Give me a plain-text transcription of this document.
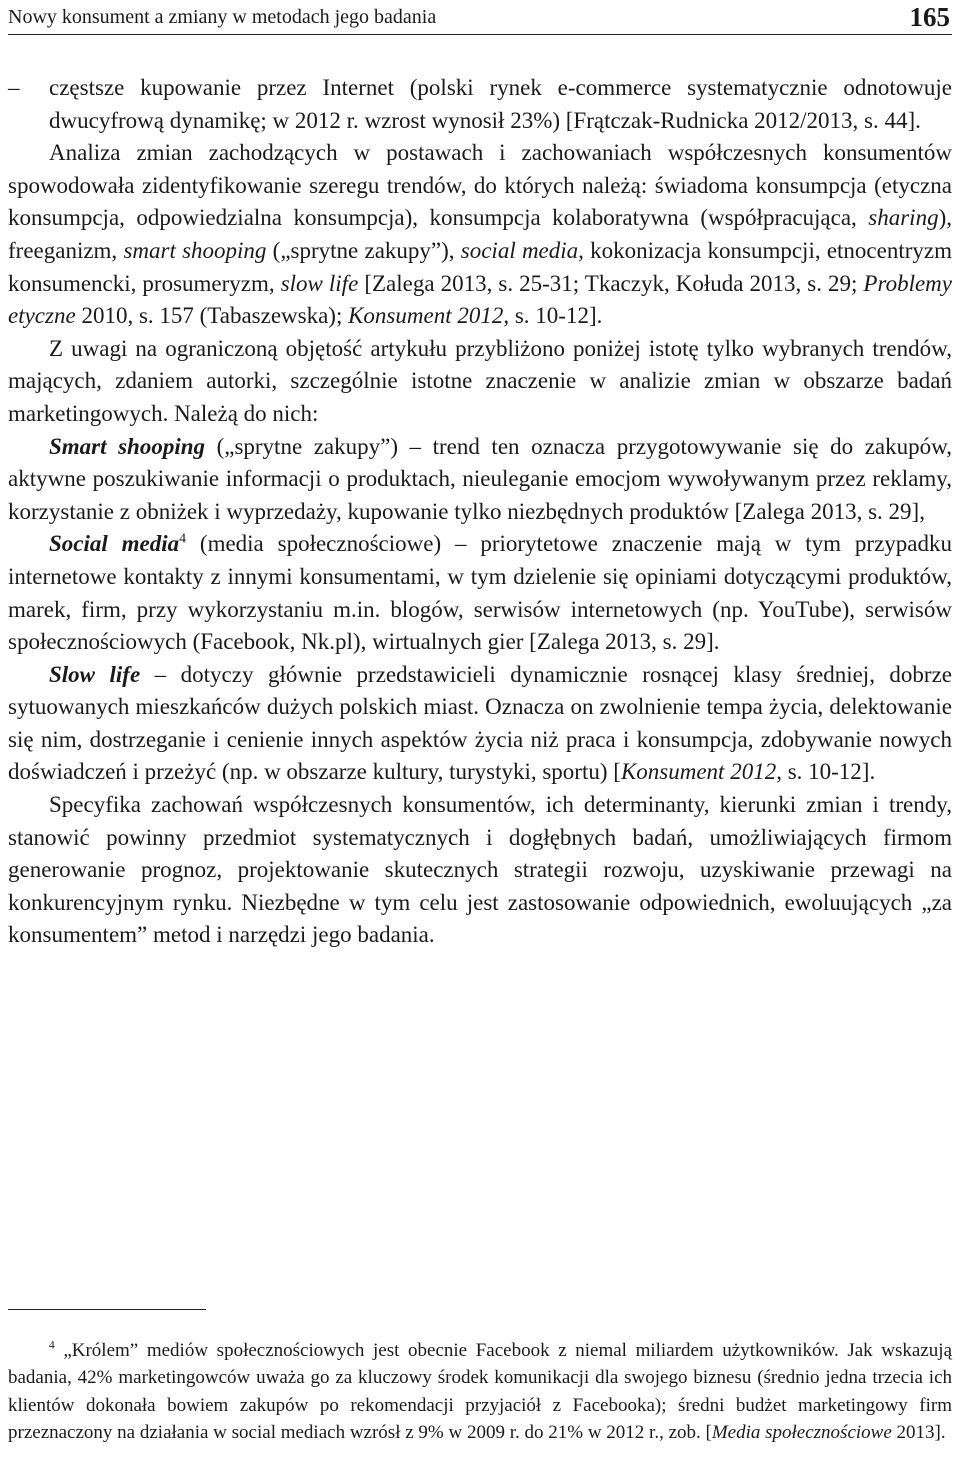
Nowy konsument a zmiany w metodach jego badania	165

– częstsze kupowanie przez Internet (polski rynek e-commerce systematycznie odnotowuje dwucyfrową dynamikę; w 2012 r. wzrost wynosił 23%) [Frątczak-Rudnicka 2012/2013, s. 44].

Analiza zmian zachodzących w postawach i zachowaniach współczesnych konsumentów spowodowała zidentyfikowanie szeregu trendów, do których należą: świadoma konsumpcja (etyczna konsumpcja, odpowiedzialna konsumpcja), konsumpcja kolaboratywna (współpracująca, sharing), freeganizm, smart shooping („sprytne zakupy”), social media, kokonizacja konsumpcji, etnocentryzm konsumencki, prosumeryzm, slow life [Zalega 2013, s. 25-31; Tkaczyk, Kołuda 2013, s. 29; Problemy etyczne 2010, s. 157 (Tabaszewska); Konsument 2012, s. 10-12].

Z uwagi na ograniczoną objętość artykułu przybliżono poniżej istotę tylko wybranych trendów, mających, zdaniem autorki, szczególnie istotne znaczenie w analizie zmian w obszarze badań marketingowych. Należą do nich:

Smart shooping („sprytne zakupy”) – trend ten oznacza przygotowywanie się do zakupów, aktywne poszukiwanie informacji o produktach, nieuleganie emocjom wywoływanym przez reklamy, korzystanie z obniżek i wyprzedaży, kupowanie tylko niezbędnych produktów [Zalega 2013, s. 29],

Social media$^4$ (media społecznościowe) – priorytetowe znaczenie mają w tym przypadku internetowe kontakty z innymi konsumentami, w tym dzielenie się opiniami dotyczącymi produktów, marek, firm, przy wykorzystaniu m.in. blogów, serwisów internetowych (np. YouTube), serwisów społecznościowych (Facebook, Nk.pl), wirtualnych gier [Zalega 2013, s. 29].

Slow life – dotyczy głównie przedstawicieli dynamicznie rosnącej klasy średniej, dobrze sytuowanych mieszkańców dużych polskich miast. Oznacza on zwolnienie tempa życia, delektowanie się nim, dostrzeganie i cenienie innych aspektów życia niż praca i konsumpcja, zdobywanie nowych doświadczeń i przeżyć (np. w obszarze kultury, turystyki, sportu) [Konsument 2012, s. 10-12].

Specyfika zachowań współczesnych konsumentów, ich determinanty, kierunki zmian i trendy, stanowić powinny przedmiot systematycznych i dogłębnych badań, umożliwiających firmom generowanie prognoz, projektowanie skutecznych strategii rozwoju, uzyskiwanie przewagi na konkurencyjnym rynku. Niezbędne w tym celu jest zastosowanie odpowiednich, ewoluujących „za konsumentem” metod i narzędzi jego badania.

$^4$ „Królem” mediów społecznościowych jest obecnie Facebook z niemal miliardem użytkowników. Jak wskazują badania, 42% marketingowców uważa go za kluczowy środek komunikacji dla swojego biznesu (średnio jedna trzecia ich klientów dokonała bowiem zakupów po rekomendacji przyjaciół z Facebooka); średni budżet marketingowy firm przeznaczony na działania w social mediach wzrósł z 9% w 2009 r. do 21% w 2012 r., zob. [Media społecznościowe 2013].
